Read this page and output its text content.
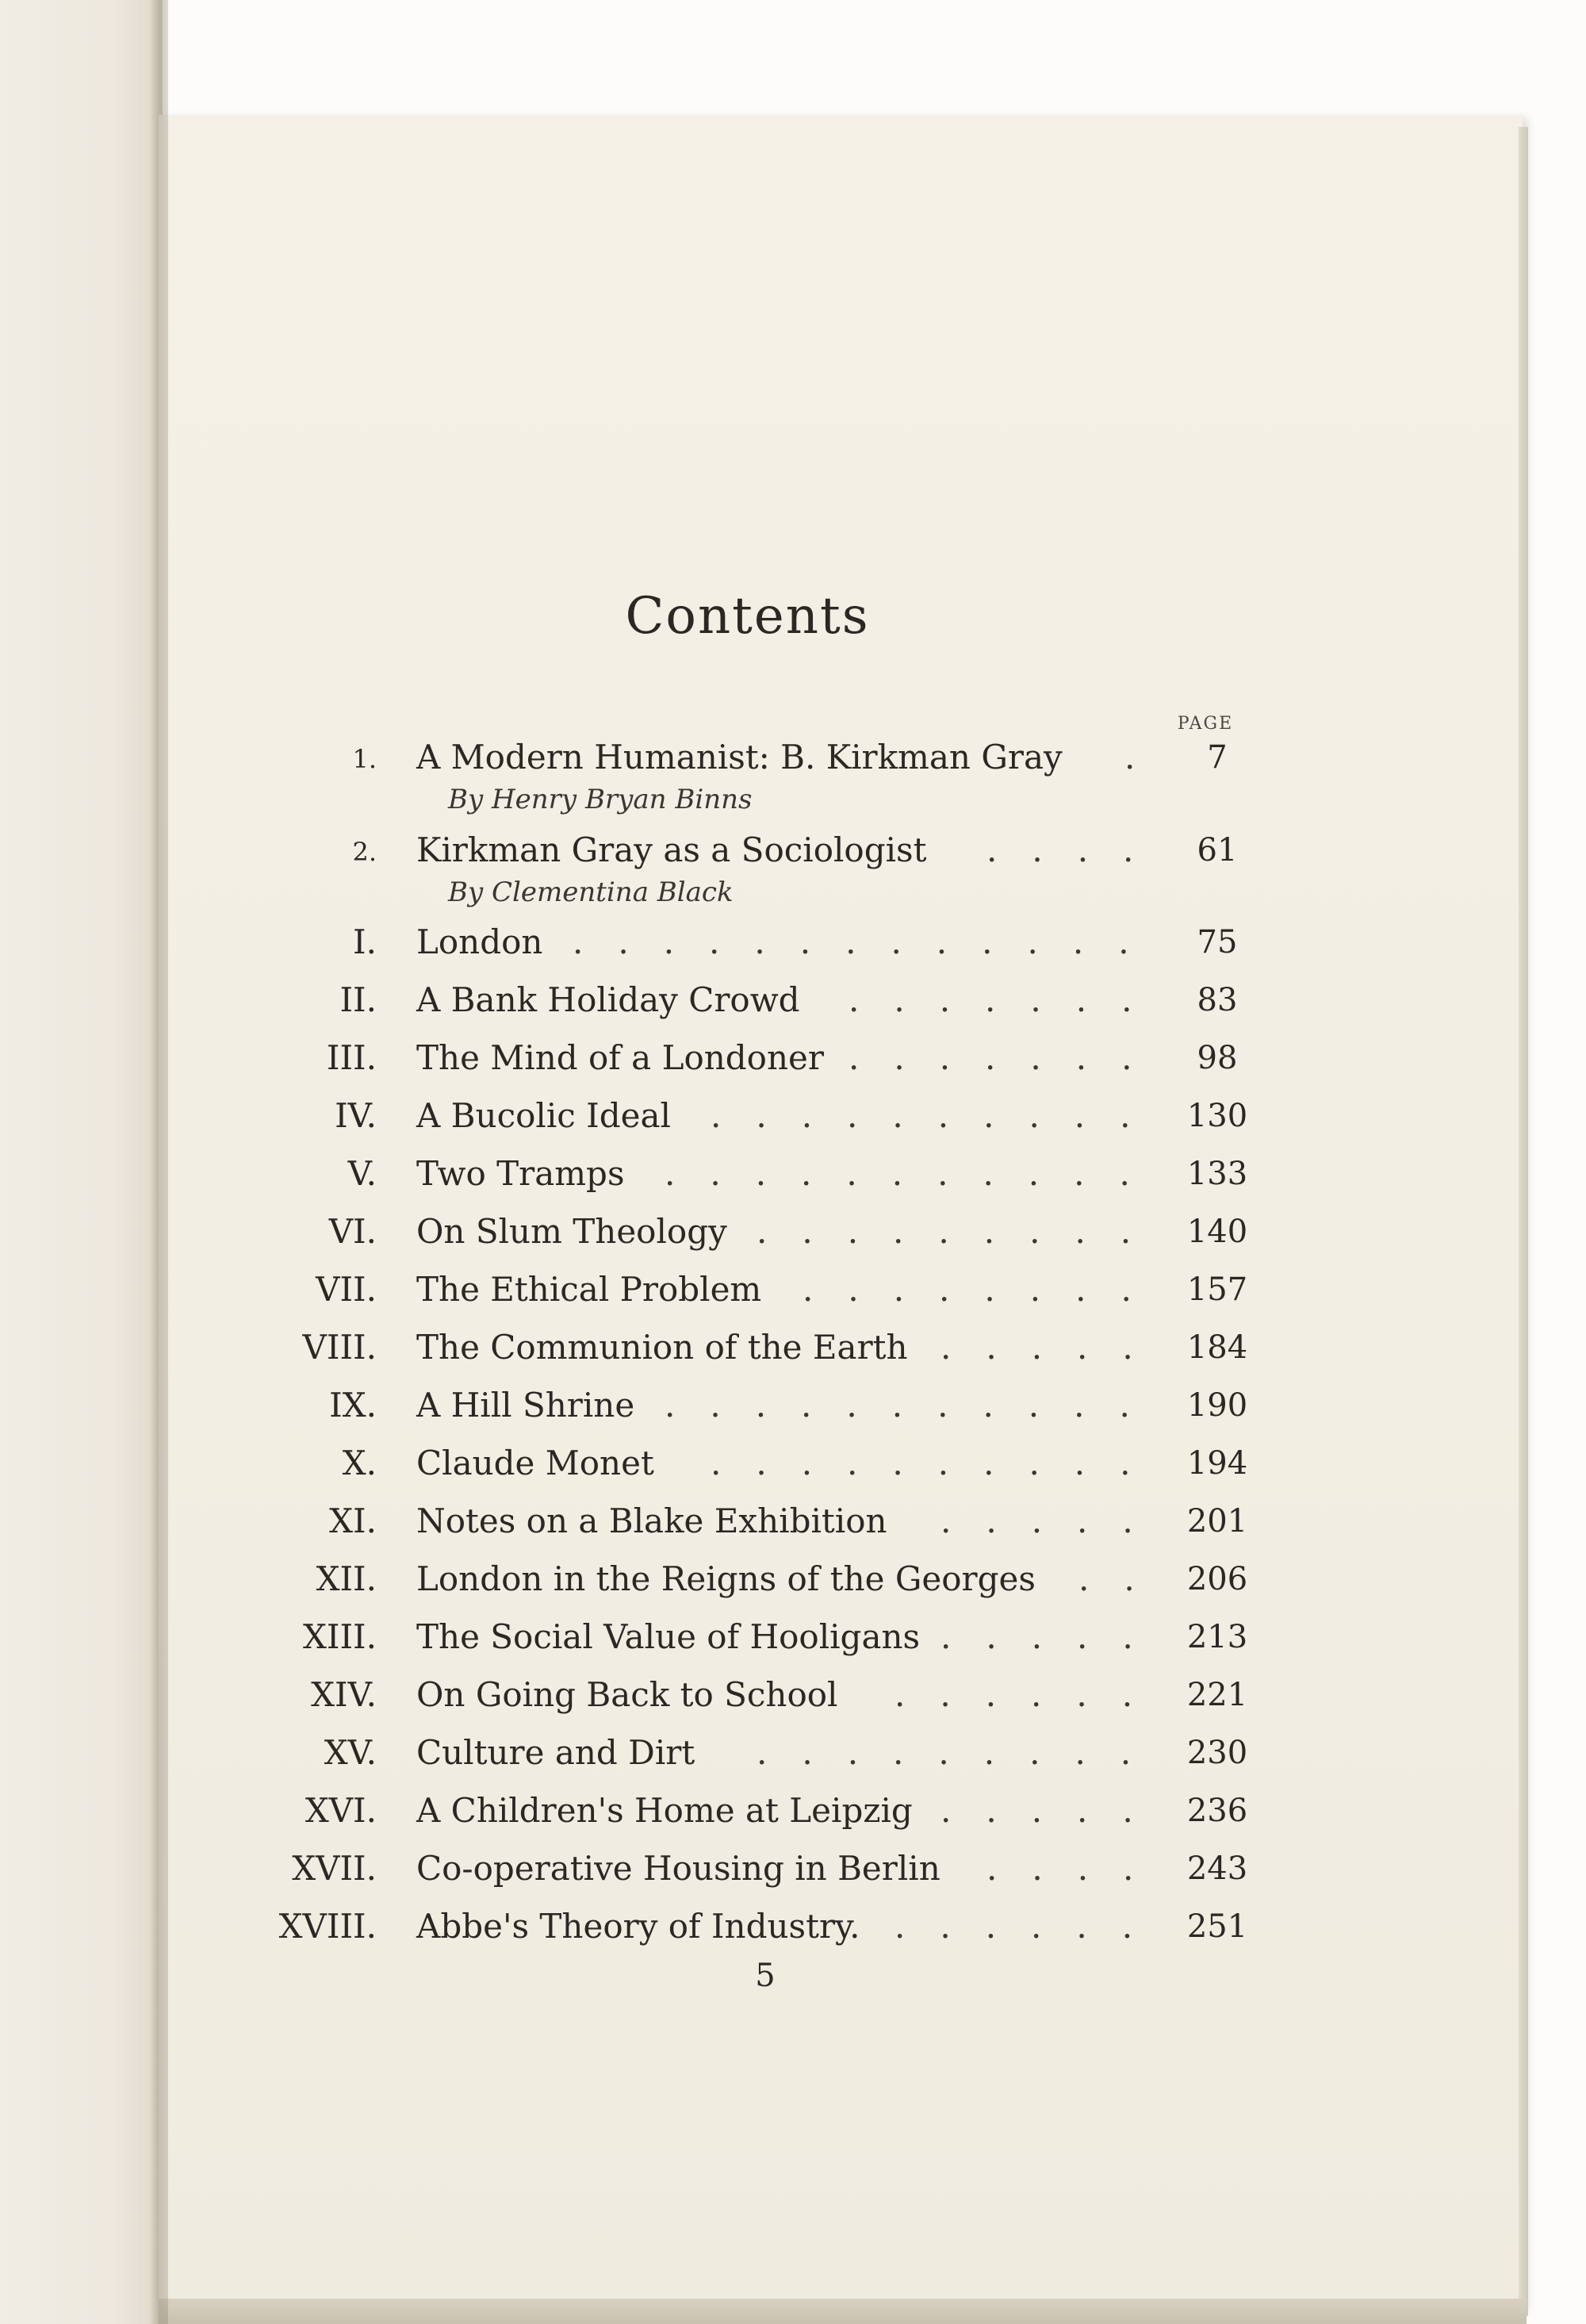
Contents
PAGE
1. A Modern Humanist: B. Kirkman Gray .	7
By Henry Bryan Binns
2. Kirkman Gray as a Sociologist .... 61
By Clementina Black
I. London .............	75
II. A Bank Holiday Crowd ....... 83
III. The Mind of a Londoner ....... 98
IV. A Bucolic Ideal .......... 130
V. Two Tramps ........... 133
VI. On Slum Theology ......... 140
VII. The Ethical Problem ........ 157
VIII. The Communion of the Earth ..... 184
IX. A Hill Shrine ........... 190
X. Claude Monet .......... 194
XI. Notes on a Blake Exhibition ..... 201
XII. London in the Reigns of the Georges .. 206
XIII. The Social Value of Hooligans ..... 213
XIV. On Going Back to School ...... 221
XV. Culture and Dirt ......... 230
XVI. A Children's Home at Leipzig ..... 236
XVII. Co-operative Housing in Berlin .... 243
XVIII. Abbe's Theory of Industry. ...... 251
5
